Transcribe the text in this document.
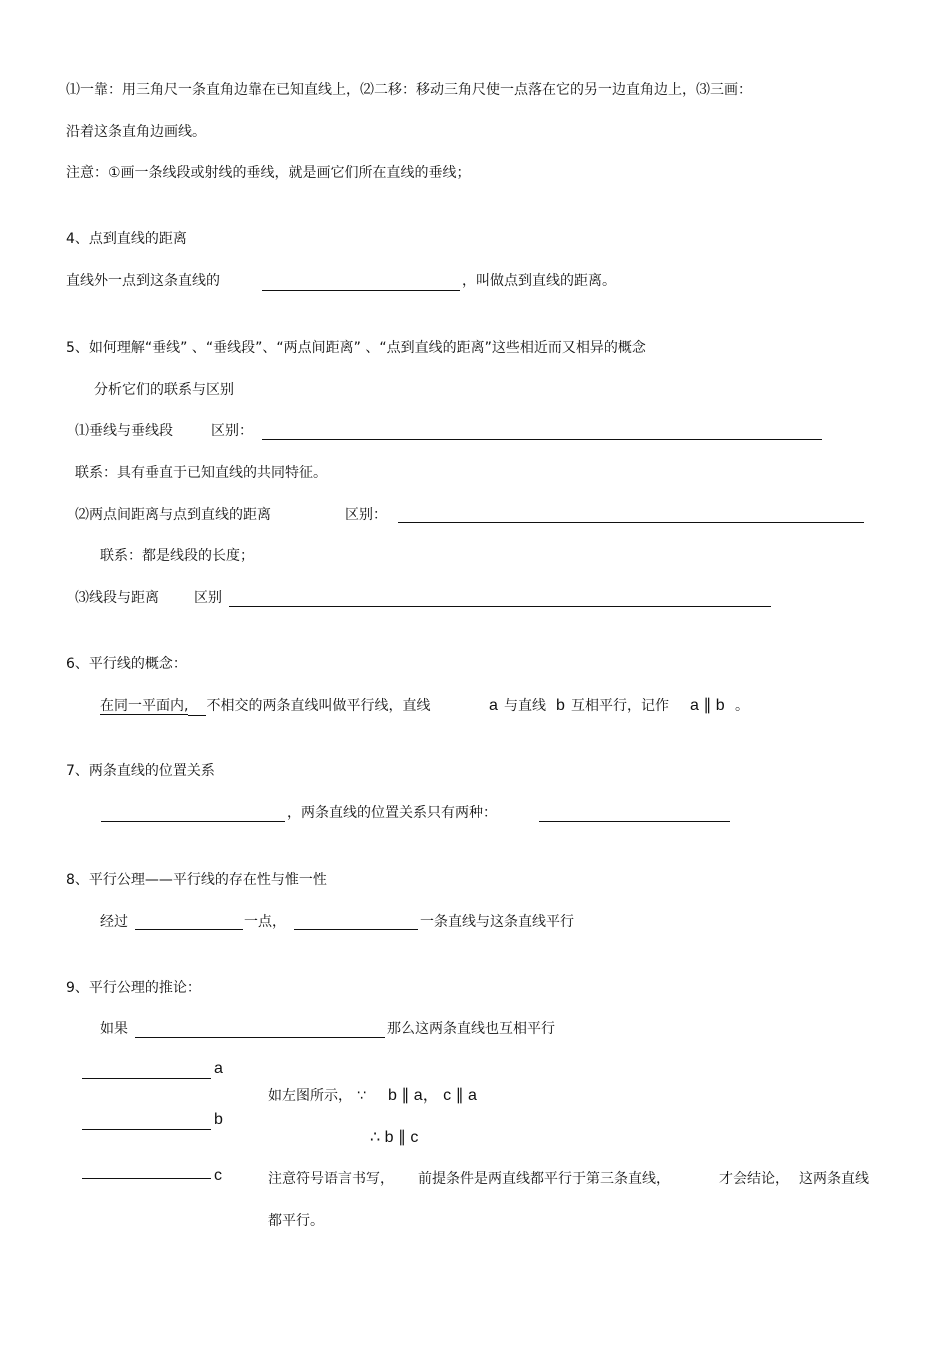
⑴一靠：用三角尺一条直角边靠在已知直线上，⑵二移：移动三角尺使一点落在它的另一边直角边上，⑶三画：
沿着这条直角边画线。
注意：①画一条线段或射线的垂线，就是画它们所在直线的垂线；
4、点到直线的距离
直线外一点到这条直线的	，叫做点到直线的距离。
5、如何理解“垂线” 、“垂线段”、“两点间距离” 、“点到直线的距离”这些相近而又相异的概念
分析它们的联系与区别
⑴垂线与垂线段	区别：
联系：具有垂直于已知直线的共同特征。
⑵两点间距离与点到直线的距离	区别：
联系：都是线段的长度；
⑶线段与距离	区别
6、平行线的概念：
在同一平面内, 不相交的两条直线叫做平行线，直线	a 与直线 b 互相平行，记作 a ∥ b 。
7、两条直线的位置关系
，两条直线的位置关系只有两种：
8、平行公理——平行线的存在性与惟一性
经过	一点，	一条直线与这条直线平行
9、平行公理的推论：
如果	那么这两条直线也互相平行
a
b
c
如左图所示， ∵ b ∥ a， c ∥ a
∴ b ∥ c
注意符号语言书写， 前提条件是两直线都平行于第三条直线，	才会结论， 这两条直线
都平行。
